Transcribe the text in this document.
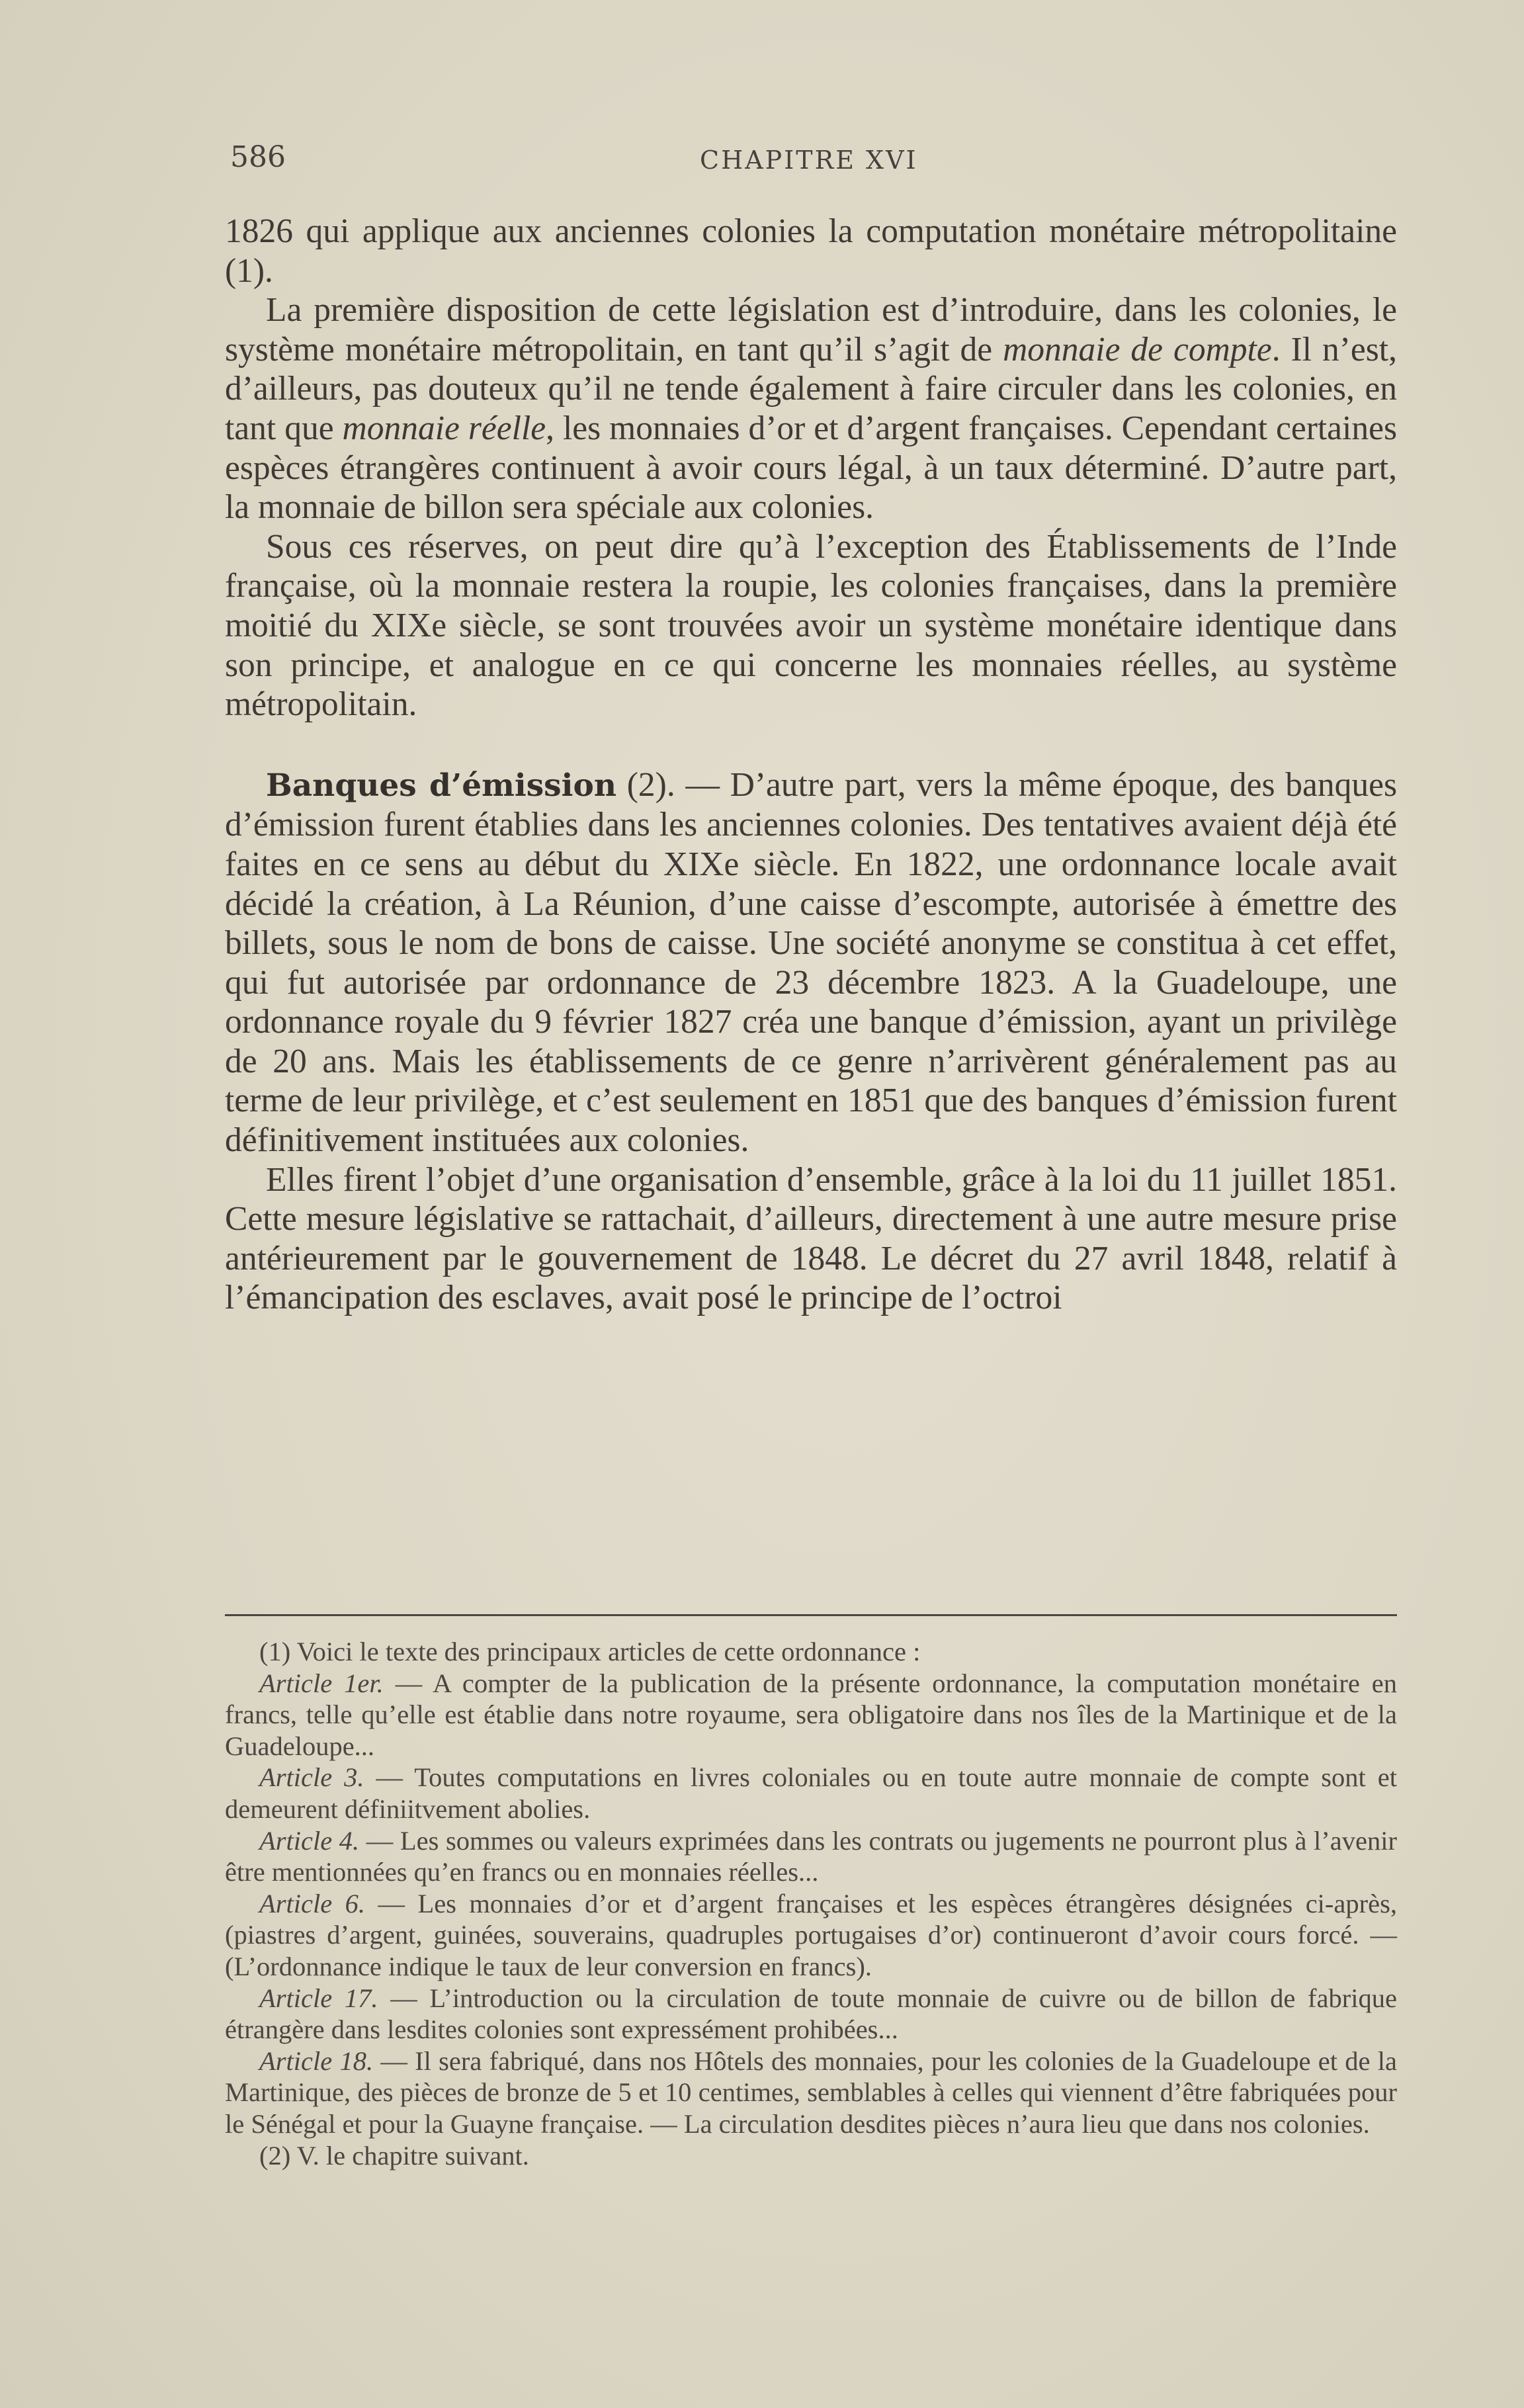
586	CHAPITRE XVI

1826 qui applique aux anciennes colonies la computation monétaire métropolitaine (1).

La première disposition de cette législation est d’introduire, dans les colonies, le système monétaire métropolitain, en tant qu’il s’agit de monnaie de compte. Il n’est, d’ailleurs, pas douteux qu’il ne tende également à faire circuler dans les colonies, en tant que monnaie réelle, les monnaies d’or et d’argent françaises. Cependant certaines espèces étrangères continuent à avoir cours légal, à un taux déterminé. D’autre part, la monnaie de billon sera spéciale aux colonies.

Sous ces réserves, on peut dire qu’à l’exception des Établissements de l’Inde française, où la monnaie restera la roupie, les colonies françaises, dans la première moitié du XIXe siècle, se sont trouvées avoir un système monétaire identique dans son principe, et analogue en ce qui concerne les monnaies réelles, au système métropolitain.

Banques d’émission (2). — D’autre part, vers la même époque, des banques d’émission furent établies dans les anciennes colonies. Des tentatives avaient déjà été faites en ce sens au début du XIXe siècle. En 1822, une ordonnance locale avait décidé la création, à La Réunion, d’une caisse d’escompte, autorisée à émettre des billets, sous le nom de bons de caisse. Une société anonyme se constitua à cet effet, qui fut autorisée par ordonnance de 23 décembre 1823. A la Guadeloupe, une ordonnance royale du 9 février 1827 créa une banque d’émission, ayant un privilège de 20 ans. Mais les établissements de ce genre n’arrivèrent généralement pas au terme de leur privilège, et c’est seulement en 1851 que des banques d’émission furent définitivement instituées aux colonies.

Elles firent l’objet d’une organisation d’ensemble, grâce à la loi du 11 juillet 1851. Cette mesure législative se rattachait, d’ailleurs, directement à une autre mesure prise antérieurement par le gouvernement de 1848. Le décret du 27 avril 1848, relatif à l’émancipation des esclaves, avait posé le principe de l’octroi

(1) Voici le texte des principaux articles de cette ordonnance :

Article 1er. — A compter de la publication de la présente ordonnance, la computation monétaire en francs, telle qu’elle est établie dans notre royaume, sera obligatoire dans nos îles de la Martinique et de la Guadeloupe...

Article 3. — Toutes computations en livres coloniales ou en toute autre monnaie de compte sont et demeurent définiitvement abolies.

Article 4. — Les sommes ou valeurs exprimées dans les contrats ou jugements ne pourront plus à l’avenir être mentionnées qu’en francs ou en monnaies réelles...

Article 6. — Les monnaies d’or et d’argent françaises et les espèces étrangères désignées ci-après, (piastres d’argent, guinées, souverains, quadruples portugaises d’or) continueront d’avoir cours forcé. — (L’ordonnance indique le taux de leur conversion en francs).

Article 17. — L’introduction ou la circulation de toute monnaie de cuivre ou de billon de fabrique étrangère dans lesdites colonies sont expressément prohibées...

Article 18. — Il sera fabriqué, dans nos Hôtels des monnaies, pour les colonies de la Guadeloupe et de la Martinique, des pièces de bronze de 5 et 10 centimes, semblables à celles qui viennent d’être fabriquées pour le Sénégal et pour la Guayne française. — La circulation desdites pièces n’aura lieu que dans nos colonies.

(2) V. le chapitre suivant.
